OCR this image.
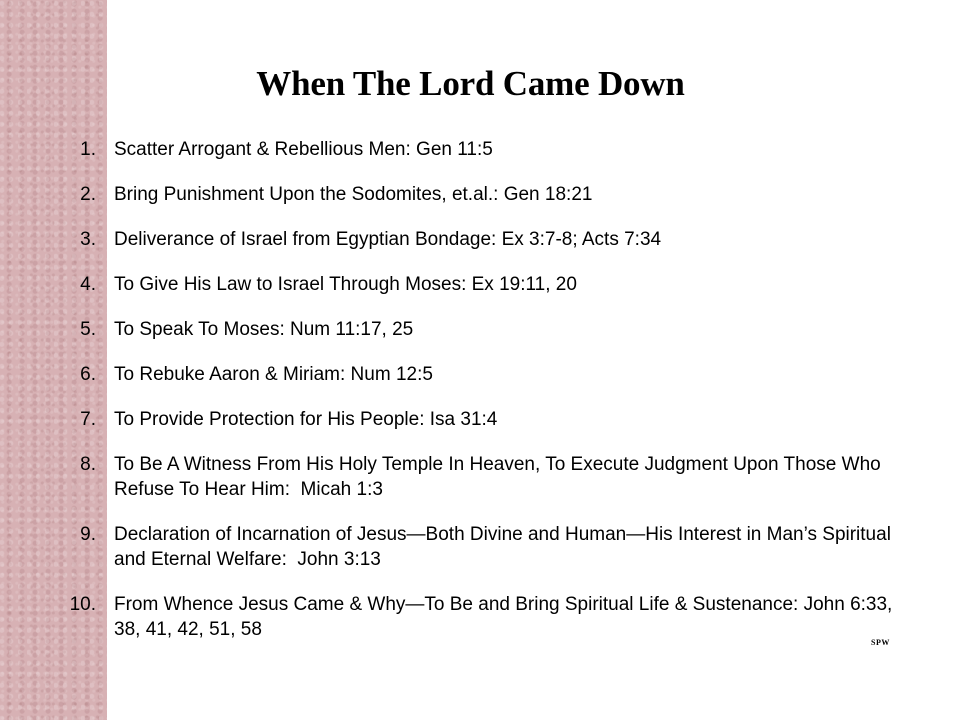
When The Lord Came Down
1. Scatter Arrogant & Rebellious Men: Gen 11:5
2. Bring Punishment Upon the Sodomites, et.al.: Gen 18:21
3. Deliverance of Israel from Egyptian Bondage: Ex 3:7-8; Acts 7:34
4. To Give His Law to Israel Through Moses: Ex 19:11, 20
5. To Speak To Moses: Num 11:17, 25
6. To Rebuke Aaron & Miriam: Num 12:5
7. To Provide Protection for His People: Isa 31:4
8. To Be A Witness From His Holy Temple In Heaven, To Execute Judgment Upon Those Who Refuse To Hear Him:  Micah 1:3
9. Declaration of Incarnation of Jesus—Both Divine and Human—His Interest in Man’s Spiritual and Eternal Welfare:  John 3:13
10. From Whence Jesus Came & Why—To Be and Bring Spiritual Life & Sustenance: John 6:33, 38, 41, 42, 51, 58
SPW
